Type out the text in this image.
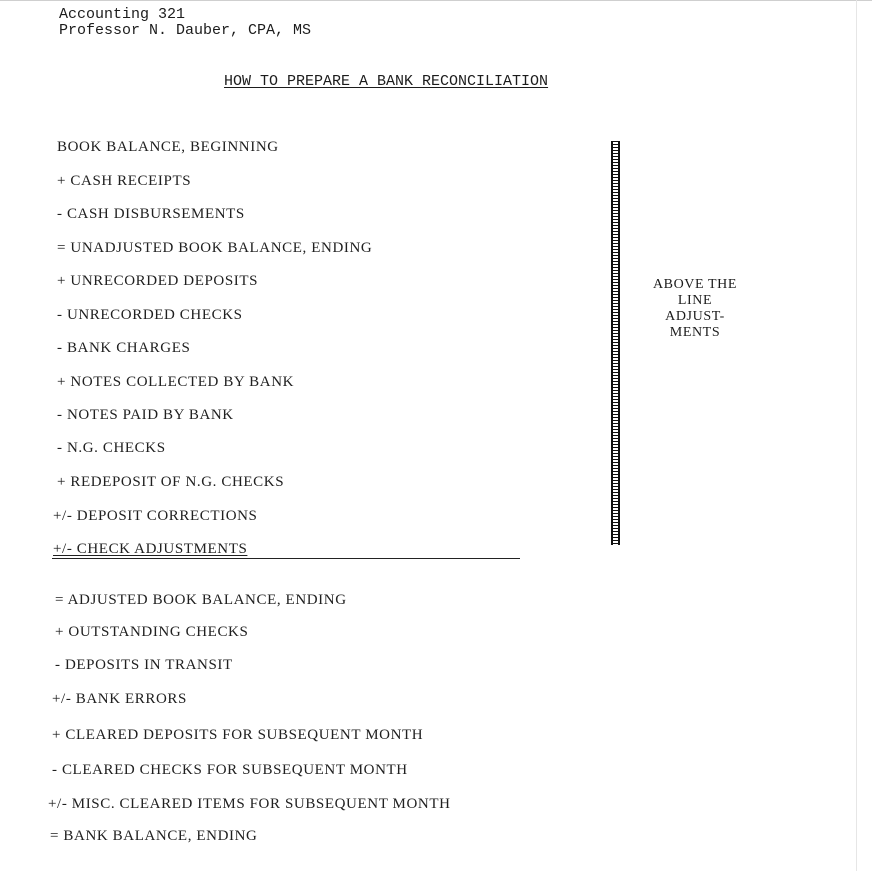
Accounting 321
Professor N. Dauber, CPA, MS
HOW TO PREPARE A BANK RECONCILIATION
BOOK BALANCE, BEGINNING
+ CASH RECEIPTS
- CASH DISBURSEMENTS
= UNADJUSTED BOOK BALANCE, ENDING
+ UNRECORDED DEPOSITS
- UNRECORDED CHECKS
- BANK CHARGES
+ NOTES COLLECTED BY BANK
- NOTES PAID BY BANK
- N.G. CHECKS
+ REDEPOSIT OF N.G. CHECKS
+/- DEPOSIT CORRECTIONS
+/- CHECK ADJUSTMENTS
ABOVE THE
LINE
ADJUST-
MENTS
= ADJUSTED BOOK BALANCE, ENDING
+ OUTSTANDING CHECKS
- DEPOSITS IN TRANSIT
+/- BANK ERRORS
+ CLEARED DEPOSITS FOR SUBSEQUENT MONTH
- CLEARED CHECKS FOR SUBSEQUENT MONTH
+/- MISC. CLEARED ITEMS FOR SUBSEQUENT MONTH
= BANK BALANCE, ENDING
